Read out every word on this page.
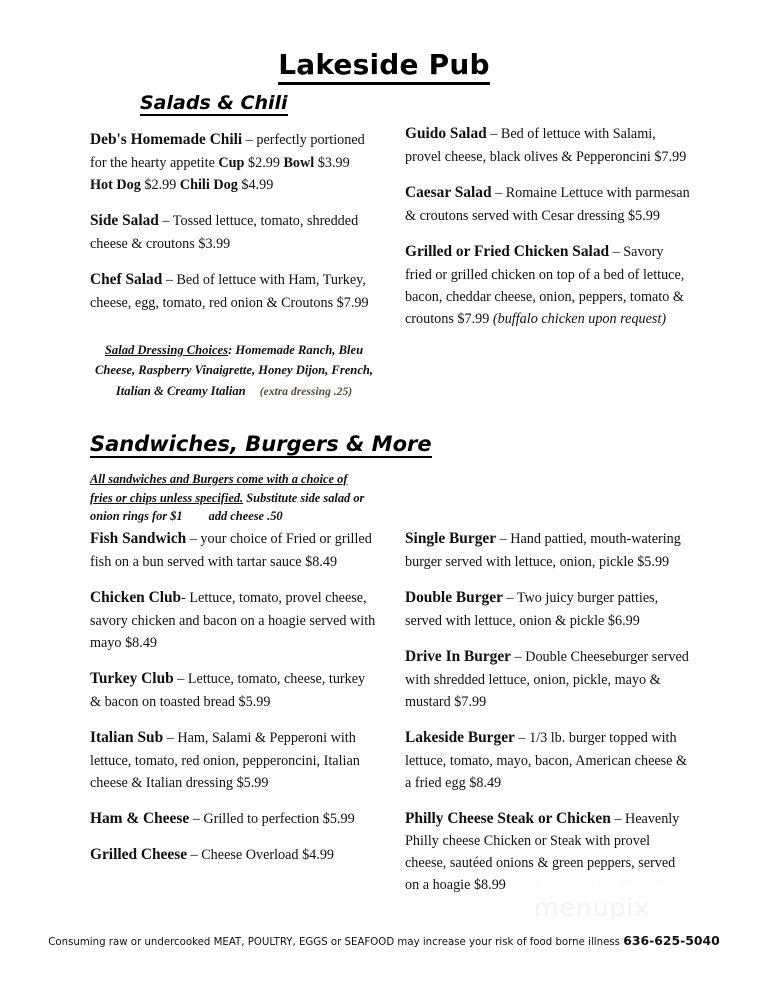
Lakeside Pub
Salads & Chili
Deb's Homemade Chili – perfectly portioned for the hearty appetite Cup $2.99 Bowl $3.99 Hot Dog $2.99 Chili Dog $4.99
Side Salad – Tossed lettuce, tomato, shredded cheese & croutons $3.99
Chef Salad – Bed of lettuce with Ham, Turkey, cheese, egg, tomato, red onion & Croutons $7.99
Guido Salad – Bed of lettuce with Salami, provel cheese, black olives & Pepperoncini $7.99
Caesar Salad – Romaine Lettuce with parmesan & croutons served with Cesar dressing $5.99
Grilled or Fried Chicken Salad – Savory fried or grilled chicken on top of a bed of lettuce, bacon, cheddar cheese, onion, peppers, tomato & croutons $7.99 (buffalo chicken upon request)
Salad Dressing Choices: Homemade Ranch, Bleu Cheese, Raspberry Vinaigrette, Honey Dijon, French, Italian & Creamy Italian (extra dressing .25)
Sandwiches, Burgers & More
All sandwiches and Burgers come with a choice of fries or chips unless specified. Substitute side salad or onion rings for $1 add cheese .50
Fish Sandwich – your choice of Fried or grilled fish on a bun served with tartar sauce $8.49
Chicken Club- Lettuce, tomato, provel cheese, savory chicken and bacon on a hoagie served with mayo $8.49
Turkey Club – Lettuce, tomato, cheese, turkey & bacon on toasted bread $5.99
Italian Sub – Ham, Salami & Pepperoni with lettuce, tomato, red onion, pepperoncini, Italian cheese & Italian dressing $5.99
Ham & Cheese – Grilled to perfection $5.99
Grilled Cheese – Cheese Overload $4.99
Single Burger – Hand pattied, mouth-watering burger served with lettuce, onion, pickle $5.99
Double Burger – Two juicy burger patties, served with lettuce, onion & pickle $6.99
Drive In Burger – Double Cheeseburger served with shredded lettuce, onion, pickle, mayo & mustard $7.99
Lakeside Burger – 1/3 lb. burger topped with lettuce, tomato, mayo, bacon, American cheese & a fried egg $8.49
Philly Cheese Steak or Chicken – Heavenly Philly cheese Chicken or Steak with provel cheese, sautéed onions & green peppers, served on a hoagie $8.99	find a restaurant near you
menupix
Consuming raw or undercooked MEAT, POULTRY, EGGS or SEAFOOD may increase your risk of food borne illness 636-625-5040
